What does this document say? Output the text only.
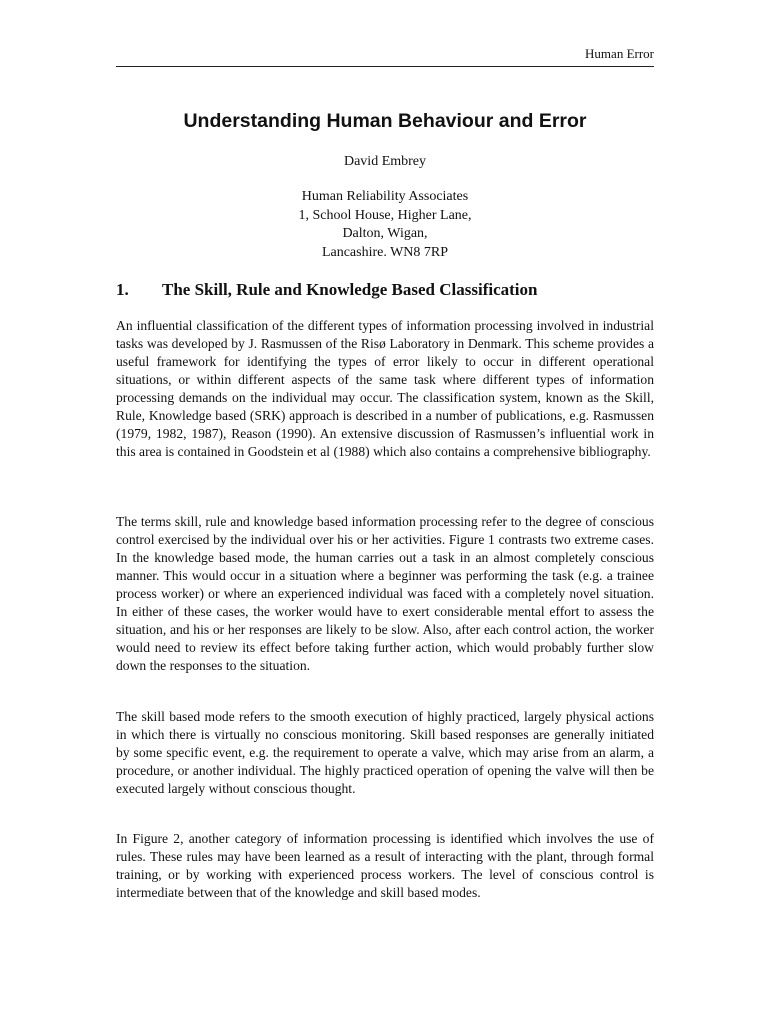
Human Error
Understanding Human Behaviour and Error
David Embrey
Human Reliability Associates
1, School House, Higher Lane,
Dalton, Wigan,
Lancashire. WN8 7RP
1. The Skill, Rule and Knowledge Based Classification

An influential classification of the different types of information processing involved in industrial tasks was developed by J. Rasmussen of the Risø Laboratory in Denmark. This scheme provides a useful framework for identifying the types of error likely to occur in different operational situations, or within different aspects of the same task where different types of information processing demands on the individual may occur. The classification system, known as the Skill, Rule, Knowledge based (SRK) approach is described in a number of publications, e.g. Rasmussen (1979, 1982, 1987), Reason (1990). An extensive discussion of Rasmussen’s influential work in this area is contained in Goodstein et al (1988) which also contains a comprehensive bibliography.

The terms skill, rule and knowledge based information processing refer to the degree of conscious control exercised by the individual over his or her activities. Figure 1 contrasts two extreme cases. In the knowledge based mode, the human carries out a task in an almost completely conscious manner. This would occur in a situation where a beginner was performing the task (e.g. a trainee process worker) or where an experienced individual was faced with a completely novel situation. In either of these cases, the worker would have to exert considerable mental effort to assess the situation, and his or her responses are likely to be slow. Also, after each control action, the worker would need to review its effect before taking further action, which would probably further slow down the responses to the situation.

The skill based mode refers to the smooth execution of highly practiced, largely physical actions in which there is virtually no conscious monitoring. Skill based responses are generally initiated by some specific event, e.g. the requirement to operate a valve, which may arise from an alarm, a procedure, or another individual. The highly practiced operation of opening the valve will then be executed largely without conscious thought.

In Figure 2, another category of information processing is identified which involves the use of rules. These rules may have been learned as a result of interacting with the plant, through formal training, or by working with experienced process workers. The level of conscious control is intermediate between that of the knowledge and skill based modes.
